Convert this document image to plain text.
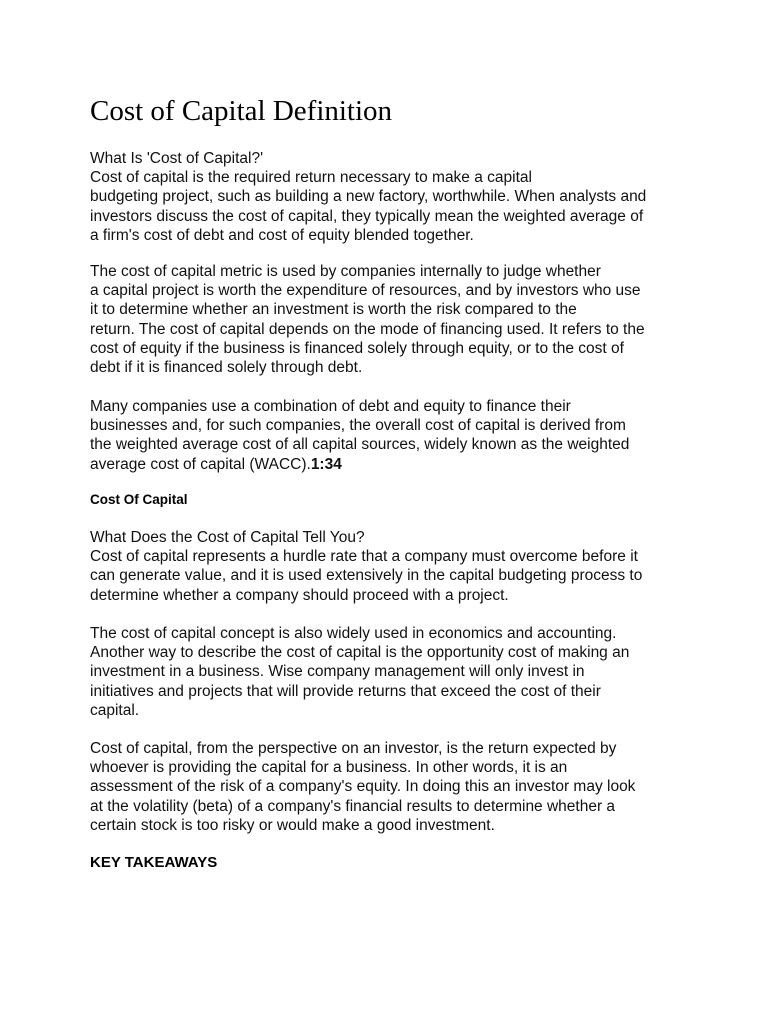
Cost of Capital Definition
What Is 'Cost of Capital?'

Cost of capital is the required return necessary to make a capital
budgeting project, such as building a new factory, worthwhile. When analysts and
investors discuss the cost of capital, they typically mean the weighted average of
a firm's cost of debt and cost of equity blended together.

The cost of capital metric is used by companies internally to judge whether
a capital project is worth the expenditure of resources, and by investors who use
it to determine whether an investment is worth the risk compared to the
return. The cost of capital depends on the mode of financing used. It refers to the
cost of equity if the business is financed solely through equity, or to the cost of
debt if it is financed solely through debt.

Many companies use a combination of debt and equity to finance their
businesses and, for such companies, the overall cost of capital is derived from
the weighted average cost of all capital sources, widely known as the weighted
average cost of capital (WACC).1:34

Cost Of Capital
What Does the Cost of Capital Tell You?

Cost of capital represents a hurdle rate that a company must overcome before it
can generate value, and it is used extensively in the capital budgeting process to
determine whether a company should proceed with a project.

The cost of capital concept is also widely used in economics and accounting.
Another way to describe the cost of capital is the opportunity cost of making an
investment in a business. Wise company management will only invest in
initiatives and projects that will provide returns that exceed the cost of their
capital.

Cost of capital, from the perspective on an investor, is the return expected by
whoever is providing the capital for a business. In other words, it is an
assessment of the risk of a company's equity. In doing this an investor may look
at the volatility (beta) of a company's financial results to determine whether a
certain stock is too risky or would make a good investment.

KEY TAKEAWAYS
